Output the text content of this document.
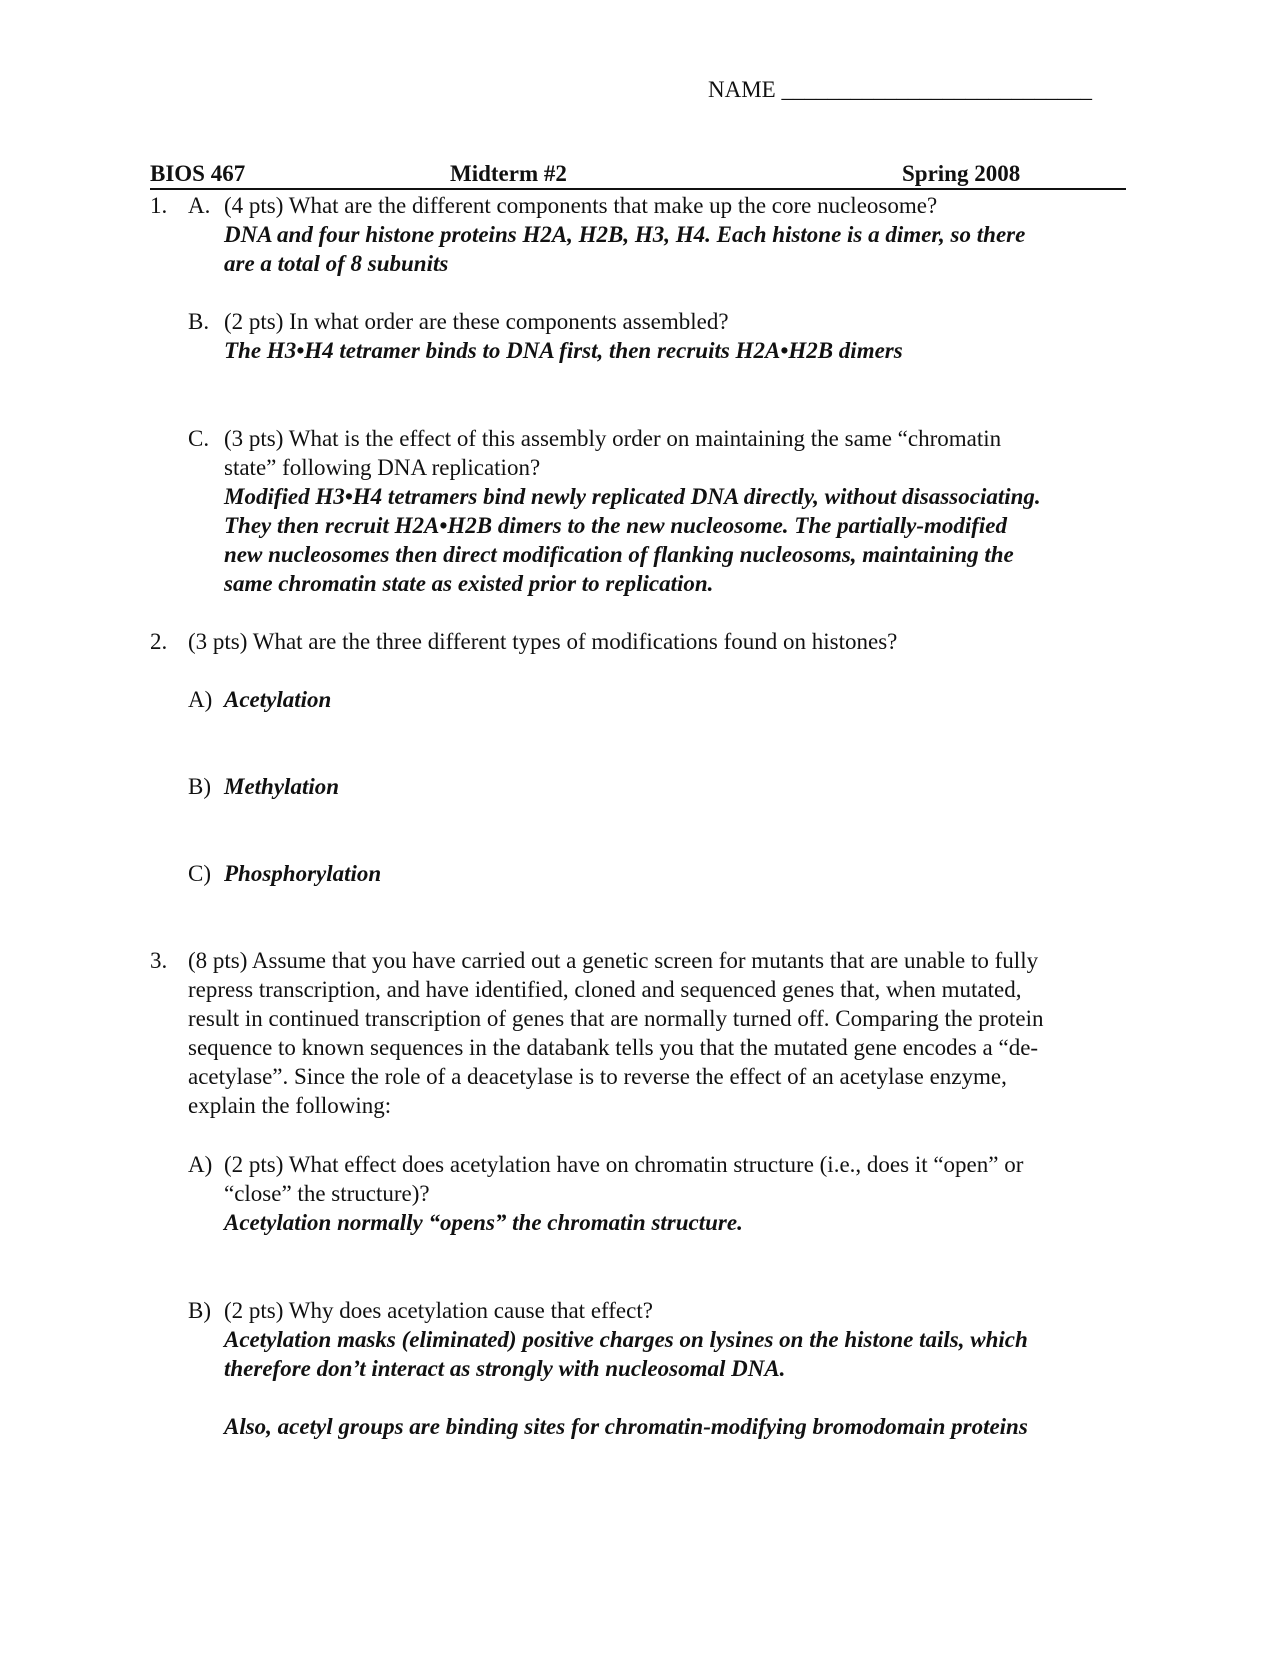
NAME ___________________________
BIOS 467	Midterm #2	Spring 2008
1. A. (4 pts) What are the different components that make up the core nucleosome?
DNA and four histone proteins H2A, H2B, H3, H4. Each histone is a dimer, so there
are a total of 8 subunits
B. (2 pts) In what order are these components assembled?
The H3•H4 tetramer binds to DNA first, then recruits H2A•H2B dimers
C. (3 pts) What is the effect of this assembly order on maintaining the same “chromatin
state” following DNA replication?
Modified H3•H4 tetramers bind newly replicated DNA directly, without disassociating.
They then recruit H2A•H2B dimers to the new nucleosome. The partially-modified
new nucleosomes then direct modification of flanking nucleosoms, maintaining the
same chromatin state as existed prior to replication.
2. (3 pts) What are the three different types of modifications found on histones?
A) Acetylation
B) Methylation
C) Phosphorylation
3. (8 pts) Assume that you have carried out a genetic screen for mutants that are unable to fully
repress transcription, and have identified, cloned and sequenced genes that, when mutated,
result in continued transcription of genes that are normally turned off. Comparing the protein
sequence to known sequences in the databank tells you that the mutated gene encodes a “de-
acetylase”. Since the role of a deacetylase is to reverse the effect of an acetylase enzyme,
explain the following:
A) (2 pts) What effect does acetylation have on chromatin structure (i.e., does it “open” or
“close” the structure)?
Acetylation normally “opens” the chromatin structure.
B) (2 pts) Why does acetylation cause that effect?
Acetylation masks (eliminated) positive charges on lysines on the histone tails, which
therefore don’t interact as strongly with nucleosomal DNA.
Also, acetyl groups are binding sites for chromatin-modifying bromodomain proteins
